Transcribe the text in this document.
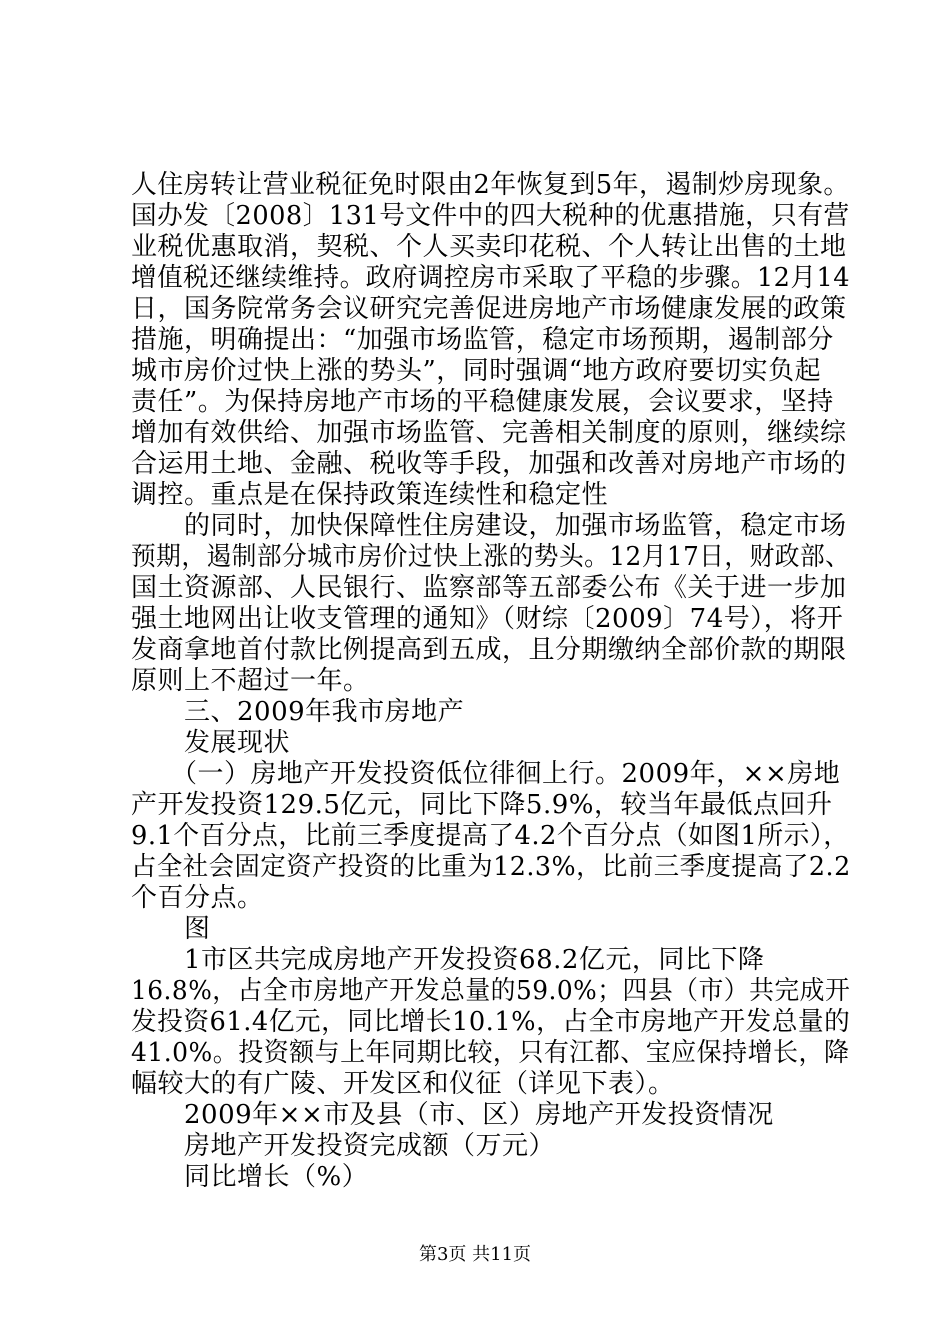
人住房转让营业税征免时限由2年恢复到5年，遏制炒房现象。
国办发〔2008〕131号文件中的四大税种的优惠措施，只有营
业税优惠取消，契税、个人买卖印花税、个人转让出售的土地
增值税还继续维持。政府调控房市采取了平稳的步骤。12月14
日，国务院常务会议研究完善促进房地产市场健康发展的政策
措施，明确提出：“加强市场监管，稳定市场预期，遏制部分
城市房价过快上涨的势头”，同时强调“地方政府要切实负起
责任”。为保持房地产市场的平稳健康发展，会议要求，坚持
增加有效供给、加强市场监管、完善相关制度的原则，继续综
合运用土地、金融、税收等手段，加强和改善对房地产市场的
调控。重点是在保持政策连续性和稳定性
　　的同时，加快保障性住房建设，加强市场监管，稳定市场
预期，遏制部分城市房价过快上涨的势头。12月17日，财政部、
国土资源部、人民银行、监察部等五部委公布《关于进一步加
强土地网出让收支管理的通知》（财综〔2009〕74号），将开
发商拿地首付款比例提高到五成，且分期缴纳全部价款的期限
原则上不超过一年。
　　三、2009年我市房地产
　　发展现状
　　（一）房地产开发投资低位徘徊上行。2009年，××房地
产开发投资129.5亿元，同比下降5.9%，较当年最低点回升
9.1个百分点，比前三季度提高了4.2个百分点（如图1所示），
占全社会固定资产投资的比重为12.3%，比前三季度提高了2.2
个百分点。
　　图
　　1市区共完成房地产开发投资68.2亿元，同比下降
16.8%，占全市房地产开发总量的59.0%；四县（市）共完成开
发投资61.4亿元，同比增长10.1%，占全市房地产开发总量的
41.0%。投资额与上年同期比较，只有江都、宝应保持增长，降
幅较大的有广陵、开发区和仪征（详见下表）。
　　2009年××市及县（市、区）房地产开发投资情况
　　房地产开发投资完成额（万元）
　　同比增长（%）
第3页 共11页
